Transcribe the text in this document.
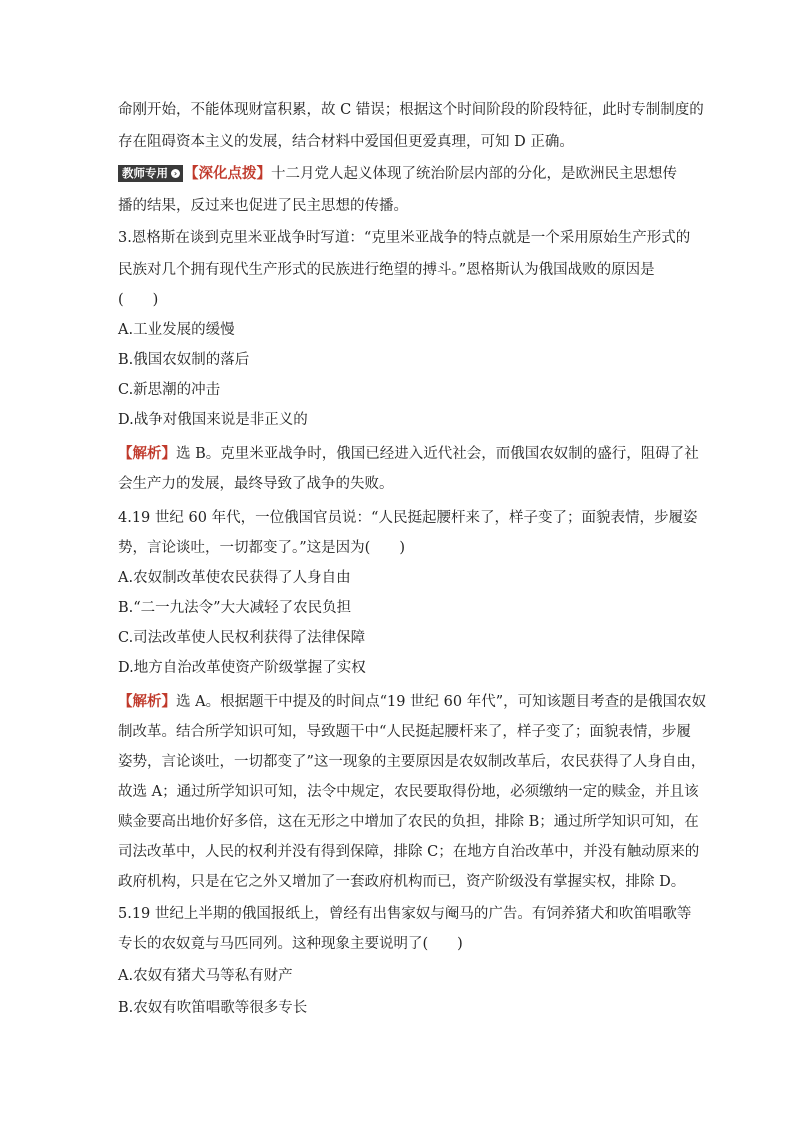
命刚开始，不能体现财富积累，故 C 错误；根据这个时间阶段的阶段特征，此时专制制度的
存在阻碍资本主义的发展，结合材料中爱国但更爱真理，可知 D 正确。
教师专用 › 【深化点拨】十二月党人起义体现了统治阶层内部的分化，是欧洲民主思想传
播的结果，反过来也促进了民主思想的传播。
3.恩格斯在谈到克里米亚战争时写道：“克里米亚战争的特点就是一个采用原始生产形式的
民族对几个拥有现代生产形式的民族进行绝望的搏斗。”恩格斯认为俄国战败的原因是
(　　)
A.工业发展的缓慢
B.俄国农奴制的落后
C.新思潮的冲击
D.战争对俄国来说是非正义的
【解析】选 B。克里米亚战争时，俄国已经进入近代社会，而俄国农奴制的盛行，阻碍了社
会生产力的发展，最终导致了战争的失败。
4.19 世纪 60 年代，一位俄国官员说：“人民挺起腰杆来了，样子变了；面貌表情，步履姿
势，言论谈吐，一切都变了。”这是因为(　　)
A.农奴制改革使农民获得了人身自由
B.“二一九法令”大大减轻了农民负担
C.司法改革使人民权利获得了法律保障
D.地方自治改革使资产阶级掌握了实权
【解析】选 A。根据题干中提及的时间点“19 世纪 60 年代”，可知该题目考查的是俄国农奴
制改革。结合所学知识可知，导致题干中“人民挺起腰杆来了，样子变了；面貌表情，步履
姿势，言论谈吐，一切都变了”这一现象的主要原因是农奴制改革后，农民获得了人身自由，
故选 A；通过所学知识可知，法令中规定，农民要取得份地，必须缴纳一定的赎金，并且该
赎金要高出地价好多倍，这在无形之中增加了农民的负担，排除 B；通过所学知识可知，在
司法改革中，人民的权利并没有得到保障，排除 C；在地方自治改革中，并没有触动原来的
政府机构，只是在它之外又增加了一套政府机构而已，资产阶级没有掌握实权，排除 D。
5.19 世纪上半期的俄国报纸上，曾经有出售家奴与阉马的广告。有饲养猪犬和吹笛唱歌等
专长的农奴竟与马匹同列。这种现象主要说明了(　　)
A.农奴有猪犬马等私有财产
B.农奴有吹笛唱歌等很多专长
